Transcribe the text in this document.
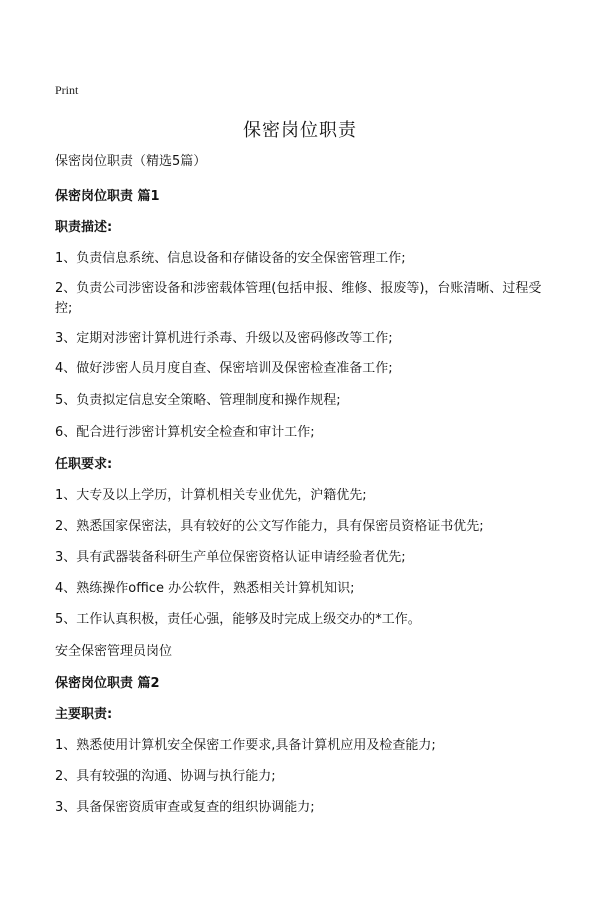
Print
保密岗位职责
保密岗位职责（精选5篇）
保密岗位职责 篇1
职责描述:
1、负责信息系统、信息设备和存储设备的安全保密管理工作;
2、负责公司涉密设备和涉密载体管理(包括申报、维修、报废等)，台账清晰、过程受控;
3、定期对涉密计算机进行杀毒、升级以及密码修改等工作;
4、做好涉密人员月度自查、保密培训及保密检查准备工作;
5、负责拟定信息安全策略、管理制度和操作规程;
6、配合进行涉密计算机安全检查和审计工作;
任职要求:
1、大专及以上学历，计算机相关专业优先，沪籍优先;
2、熟悉国家保密法，具有较好的公文写作能力，具有保密员资格证书优先;
3、具有武器装备科研生产单位保密资格认证申请经验者优先;
4、熟练操作office 办公软件，熟悉相关计算机知识;
5、工作认真积极，责任心强，能够及时完成上级交办的*工作。
安全保密管理员岗位
保密岗位职责 篇2
主要职责:
1、熟悉使用计算机安全保密工作要求,具备计算机应用及检查能力;
2、具有较强的沟通、协调与执行能力;
3、具备保密资质审查或复查的组织协调能力;
